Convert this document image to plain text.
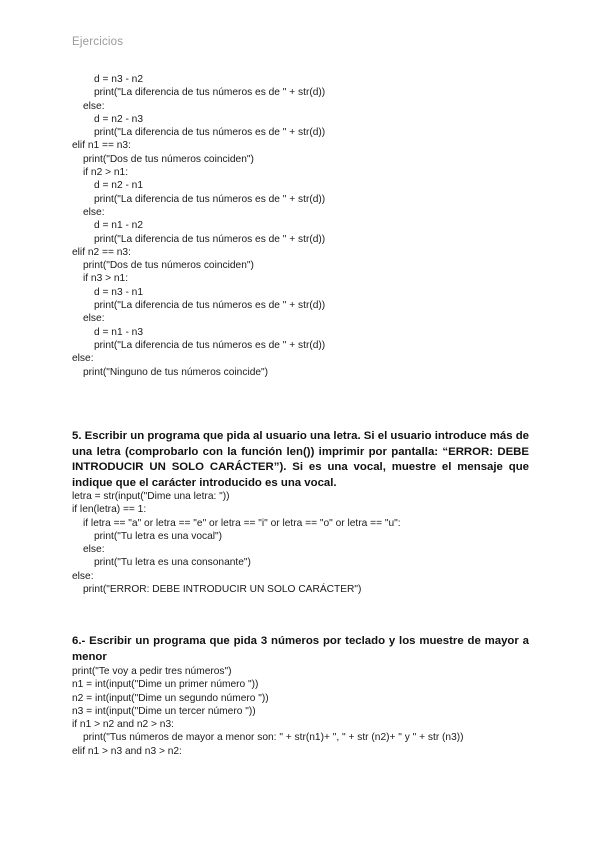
Ejercicios
d = n3 - n2
print("La diferencia de tus números es de " + str(d))
else:
d = n2 - n3
print("La diferencia de tus números es de " + str(d))
elif n1 == n3:
print("Dos de tus números coinciden")
if n2 > n1:
d = n2 - n1
print("La diferencia de tus números es de " + str(d))
else:
d = n1 - n2
print("La diferencia de tus números es de " + str(d))
elif n2 == n3:
print("Dos de tus números coinciden")
if n3 > n1:
d = n3 - n1
print("La diferencia de tus números es de " + str(d))
else:
d = n1 - n3
print("La diferencia de tus números es de " + str(d))
else:
print("Ninguno de tus números coincide")
5. Escribir un programa que pida al usuario una letra. Si el usuario introduce más de una letra (comprobarlo con la función len()) imprimir por pantalla: “ERROR: DEBE INTRODUCIR UN SOLO CARÁCTER”). Si es una vocal, muestre el mensaje que indique que el carácter introducido es una vocal.
letra = str(input("Dime una letra: "))
if len(letra) == 1:
if letra == "a" or letra == "e" or letra == "i" or letra == "o" or letra == "u":
print("Tu letra es una vocal")
else:
print("Tu letra es una consonante")
else:
print("ERROR: DEBE INTRODUCIR UN SOLO CARÁCTER")
6.- Escribir un programa que pida 3 números por teclado y los muestre de mayor a menor
print("Te voy a pedir tres números")
n1 = int(input("Dime un primer número "))
n2 = int(input("Dime un segundo número "))
n3 = int(input("Dime un tercer número "))
if n1 > n2 and n2 > n3:
print("Tus números de mayor a menor son: " + str(n1)+ ", " + str (n2)+ " y " + str (n3))
elif n1 > n3 and n3 > n2:
